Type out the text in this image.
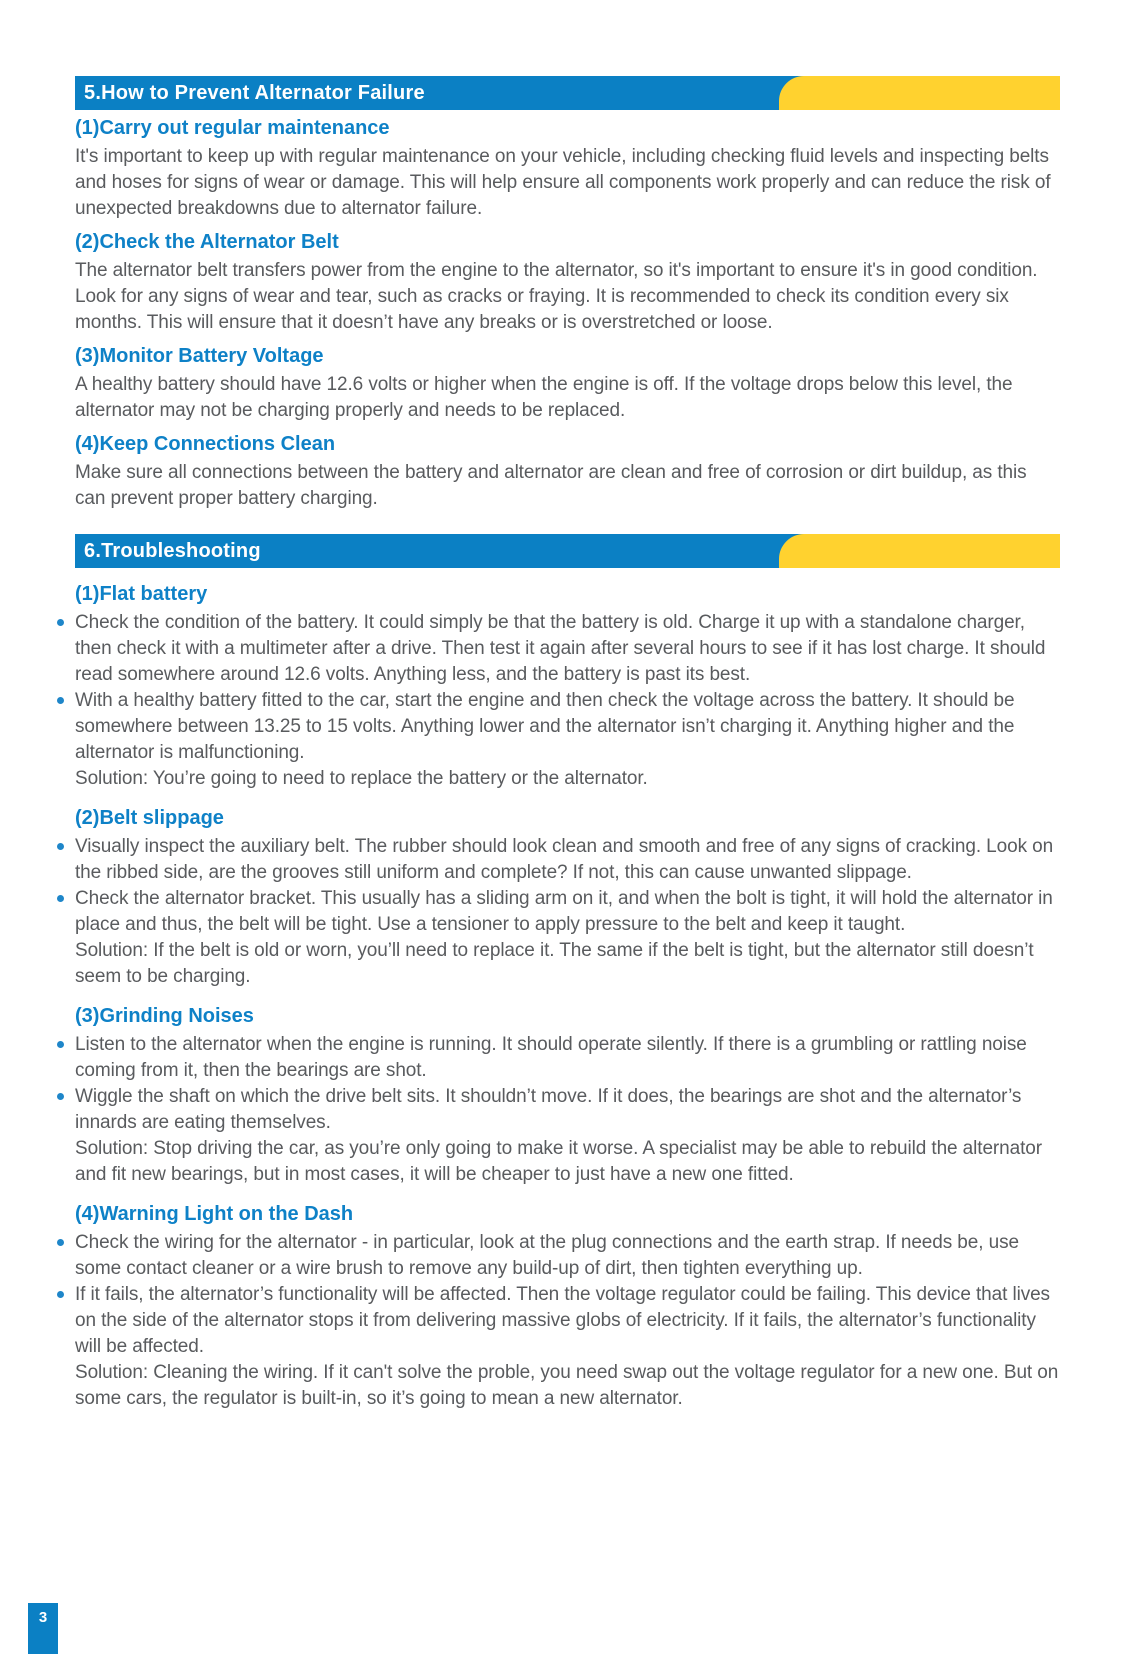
5.How to Prevent Alternator Failure
(1)Carry out regular maintenance

It's important to keep up with regular maintenance on your vehicle, including checking fluid levels and inspecting belts and hoses for signs of wear or damage. This will help ensure all components work properly and can reduce the risk of unexpected breakdowns due to alternator failure.

(2)Check the Alternator Belt

The alternator belt transfers power from the engine to the alternator, so it's important to ensure it's in good condition. Look for any signs of wear and tear, such as cracks or fraying. It is recommended to check its condition every six months. This will ensure that it doesn’t have any breaks or is overstretched or loose.

(3)Monitor Battery Voltage

A healthy battery should have 12.6 volts or higher when the engine is off. If the voltage drops below this level, the alternator may not be charging properly and needs to be replaced.

(4)Keep Connections Clean

Make sure all connections between the battery and alternator are clean and free of corrosion or dirt buildup, as this can prevent proper battery charging.

6.Troubleshooting
(1)Flat battery
Check the condition of the battery. It could simply be that the battery is old. Charge it up with a standalone charger, then check it with a multimeter after a drive. Then test it again after several hours to see if it has lost charge. It should read somewhere around 12.6 volts. Anything less, and the battery is past its best.
With a healthy battery fitted to the car, start the engine and then check the voltage across the battery. It should be somewhere between 13.25 to 15 volts. Anything lower and the alternator isn’t charging it. Anything higher and the alternator is malfunctioning.

Solution: You’re going to need to replace the battery or the alternator.

(2)Belt slippage
Visually inspect the auxiliary belt. The rubber should look clean and smooth and free of any signs of cracking. Look on the ribbed side, are the grooves still uniform and complete? If not, this can cause unwanted slippage.
Check the alternator bracket. This usually has a sliding arm on it, and when the bolt is tight, it will hold the alternator in place and thus, the belt will be tight. Use a tensioner to apply pressure to the belt and keep it taught.

Solution: If the belt is old or worn, you’ll need to replace it. The same if the belt is tight, but the alternator still doesn’t seem to be charging.

(3)Grinding Noises
Listen to the alternator when the engine is running. It should operate silently. If there is a grumbling or rattling noise coming from it, then the bearings are shot.
Wiggle the shaft on which the drive belt sits. It shouldn’t move. If it does, the bearings are shot and the alternator’s innards are eating themselves.

Solution: Stop driving the car, as you’re only going to make it worse. A specialist may be able to rebuild the alternator and fit new bearings, but in most cases, it will be cheaper to just have a new one fitted.

(4)Warning Light on the Dash
Check the wiring for the alternator - in particular, look at the plug connections and the earth strap. If needs be, use some contact cleaner or a wire brush to remove any build-up of dirt, then tighten everything up.
If it fails, the alternator’s functionality will be affected. Then the voltage regulator could be failing. This device that lives on the side of the alternator stops it from delivering massive globs of electricity. If it fails, the alternator’s functionality will be affected.

Solution: Cleaning the wiring. If it can't solve the proble, you need swap out the voltage regulator for a new one. But on some cars, the regulator is built-in, so it’s going to mean a new alternator.

3
